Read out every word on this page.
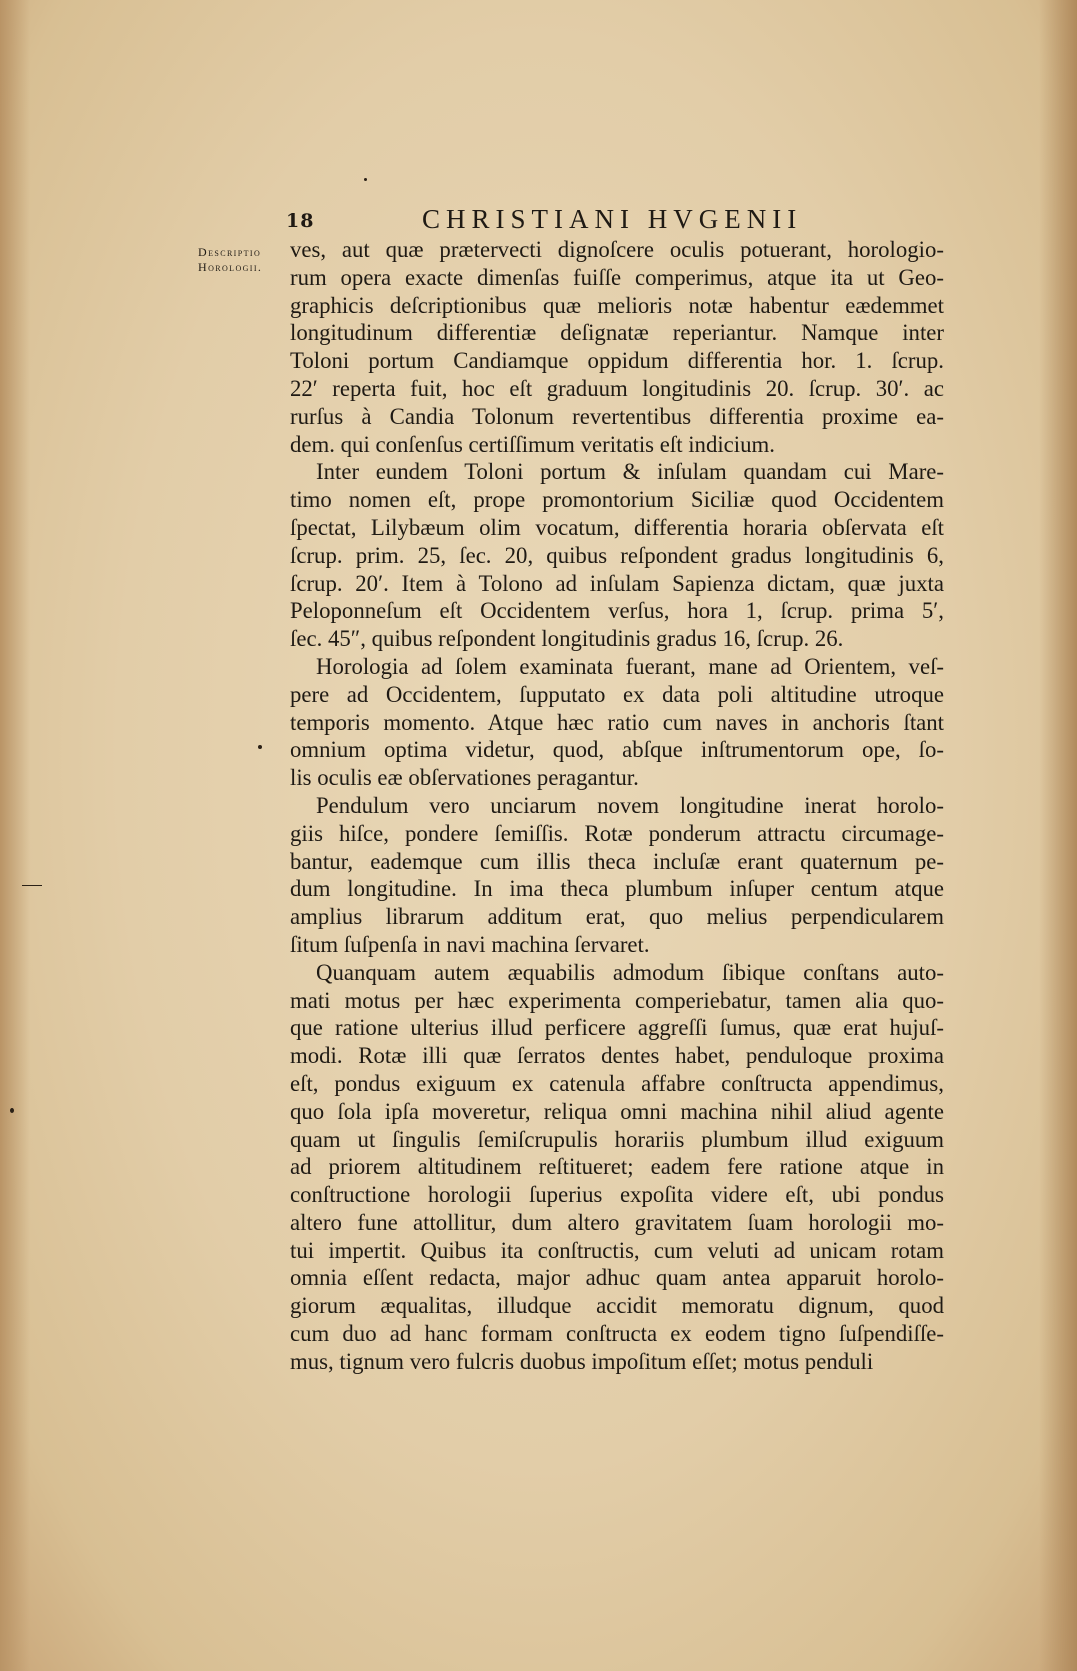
18	CHRISTIANI HVGENII
Descriptio
Horologii.
ves, aut quæ prætervecti dignoſcere oculis potuerant, horologio-
rum opera exacte dimenſas fuiſſe comperimus, atque ita ut Geo-
graphicis deſcriptionibus quæ melioris notæ habentur eædemmet
longitudinum differentiæ deſignatæ reperiantur. Namque inter
Toloni portum Candiamque oppidum differentia hor. 1. ſcrup.
22′ reperta fuit, hoc eſt graduum longitudinis 20. ſcrup. 30′. ac
rurſus à Candia Tolonum revertentibus differentia proxime ea-
dem. qui conſenſus certiſſimum veritatis eſt indicium.
Inter eundem Toloni portum & inſulam quandam cui Mare-
timo nomen eſt, prope promontorium Siciliæ quod Occidentem
ſpectat, Lilybæum olim vocatum, differentia horaria obſervata eſt
ſcrup. prim. 25, ſec. 20, quibus reſpondent gradus longitudinis 6,
ſcrup. 20′. Item à Tolono ad inſulam Sapienza dictam, quæ juxta
Peloponneſum eſt Occidentem verſus, hora 1, ſcrup. prima 5′,
ſec. 45″, quibus reſpondent longitudinis gradus 16, ſcrup. 26.
Horologia ad ſolem examinata fuerant, mane ad Orientem, veſ-
pere ad Occidentem, ſupputato ex data poli altitudine utroque
temporis momento. Atque hæc ratio cum naves in anchoris ſtant
omnium optima videtur, quod, abſque inſtrumentorum ope, ſo-
lis oculis eæ obſervationes peragantur.
Pendulum vero unciarum novem longitudine inerat horolo-
giis hiſce, pondere ſemiſſis. Rotæ ponderum attractu circumage-
bantur, eademque cum illis theca incluſæ erant quaternum pe-
dum longitudine. In ima theca plumbum inſuper centum atque
amplius librarum additum erat, quo melius perpendicularem
ſitum ſuſpenſa in navi machina ſervaret.
Quanquam autem æquabilis admodum ſibique conſtans auto-
mati motus per hæc experimenta comperiebatur, tamen alia quo-
que ratione ulterius illud perficere aggreſſi ſumus, quæ erat hujuſ-
modi. Rotæ illi quæ ſerratos dentes habet, penduloque proxima
eſt, pondus exiguum ex catenula affabre conſtructa appendimus,
quo ſola ipſa moveretur, reliqua omni machina nihil aliud agente
quam ut ſingulis ſemiſcrupulis horariis plumbum illud exiguum
ad priorem altitudinem reſtitueret; eadem fere ratione atque in
conſtructione horologii ſuperius expoſita videre eſt, ubi pondus
altero fune attollitur, dum altero gravitatem ſuam horologii mo-
tui impertit. Quibus ita conſtructis, cum veluti ad unicam rotam
omnia eſſent redacta, major adhuc quam antea apparuit horolo-
giorum æqualitas, illudque accidit memoratu dignum, quod
cum duo ad hanc formam conſtructa ex eodem tigno ſuſpendiſſe-
mus, tignum vero fulcris duobus impoſitum eſſet; motus penduli
